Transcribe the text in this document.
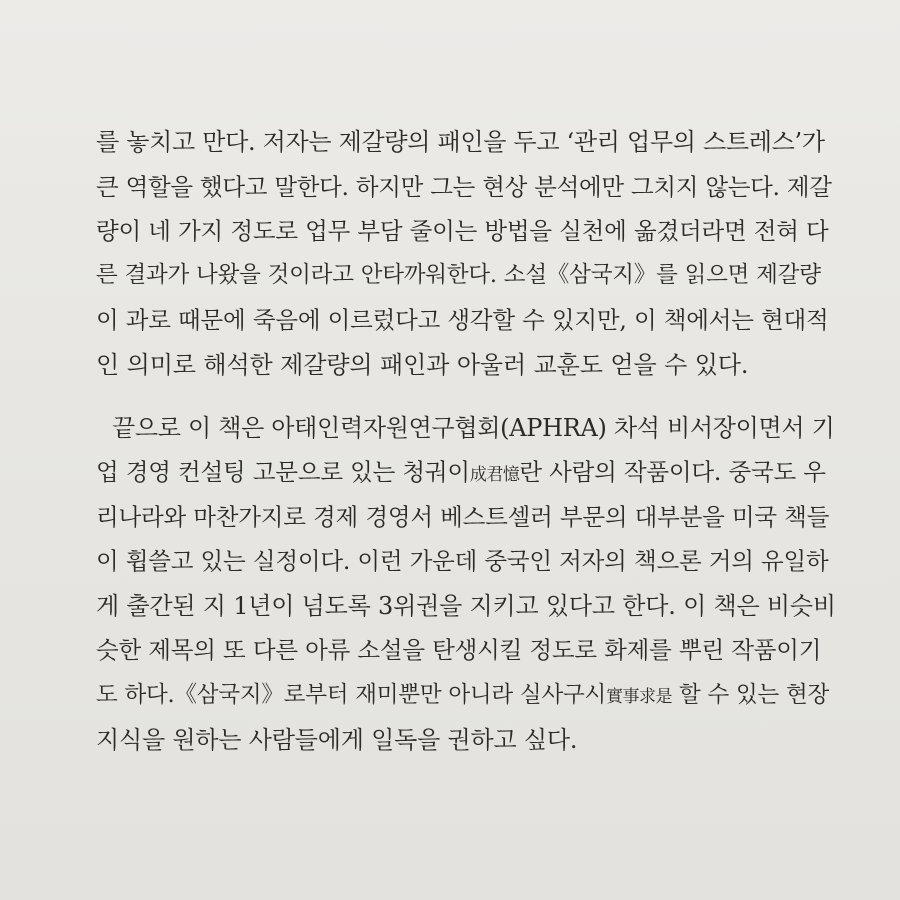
를 놓치고 만다. 저자는 제갈량의 패인을 두고 ‘관리 업무의 스트레스’가
큰 역할을 했다고 말한다. 하지만 그는 현상 분석에만 그치지 않는다. 제갈
량이 네 가지 정도로 업무 부담 줄이는 방법을 실천에 옮겼더라면 전혀 다
른 결과가 나왔을 것이라고 안타까워한다. 소설《삼국지》를 읽으면 제갈량
이 과로 때문에 죽음에 이르렀다고 생각할 수 있지만, 이 책에서는 현대적
인 의미로 해석한 제갈량의 패인과 아울러 교훈도 얻을 수 있다.
끝으로 이 책은 아태인력자원연구협회(APHRA) 차석 비서장이면서 기
업 경영 컨설팅 고문으로 있는 청궈이成君憶란 사람의 작품이다. 중국도 우
리나라와 마찬가지로 경제 경영서 베스트셀러 부문의 대부분을 미국 책들
이 휩쓸고 있는 실정이다. 이런 가운데 중국인 저자의 책으론 거의 유일하
게 출간된 지 1년이 넘도록 3위권을 지키고 있다고 한다. 이 책은 비슷비
슷한 제목의 또 다른 아류 소설을 탄생시킬 정도로 화제를 뿌린 작품이기
도 하다.《삼국지》로부터 재미뿐만 아니라 실사구시實事求是 할 수 있는 현장
지식을 원하는 사람들에게 일독을 권하고 싶다.
